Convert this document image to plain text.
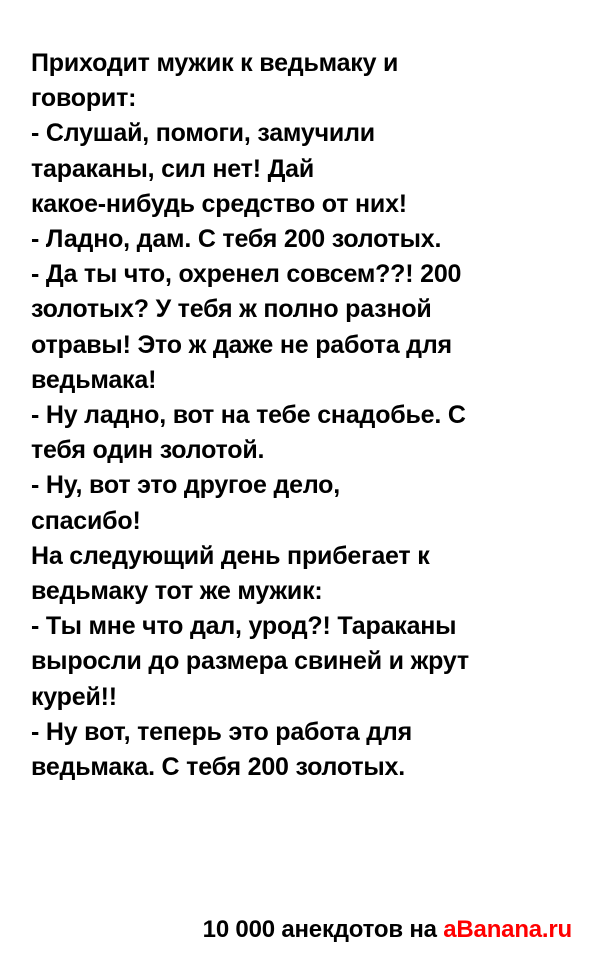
Приходит мужик к ведьмаку и
говорит:
- Слушай, помоги, замучили
тараканы, сил нет! Дай
какое-нибудь средство от них!
- Ладно, дам. С тебя 200 золотых.
- Да ты что, охренел совсем??! 200
золотых? У тебя ж полно разной
отравы! Это ж даже не работа для
ведьмака!
- Ну ладно, вот на тебе снадобье. С
тебя один золотой.
- Ну, вот это другое дело,
спасибо!
На следующий день прибегает к
ведьмаку тот же мужик:
- Ты мне что дал, урод?! Тараканы
выросли до размера свиней и жрут
курей!!
- Ну вот, теперь это работа для
ведьмака. С тебя 200 золотых.
10 000 анекдотов на aBanana.ru
